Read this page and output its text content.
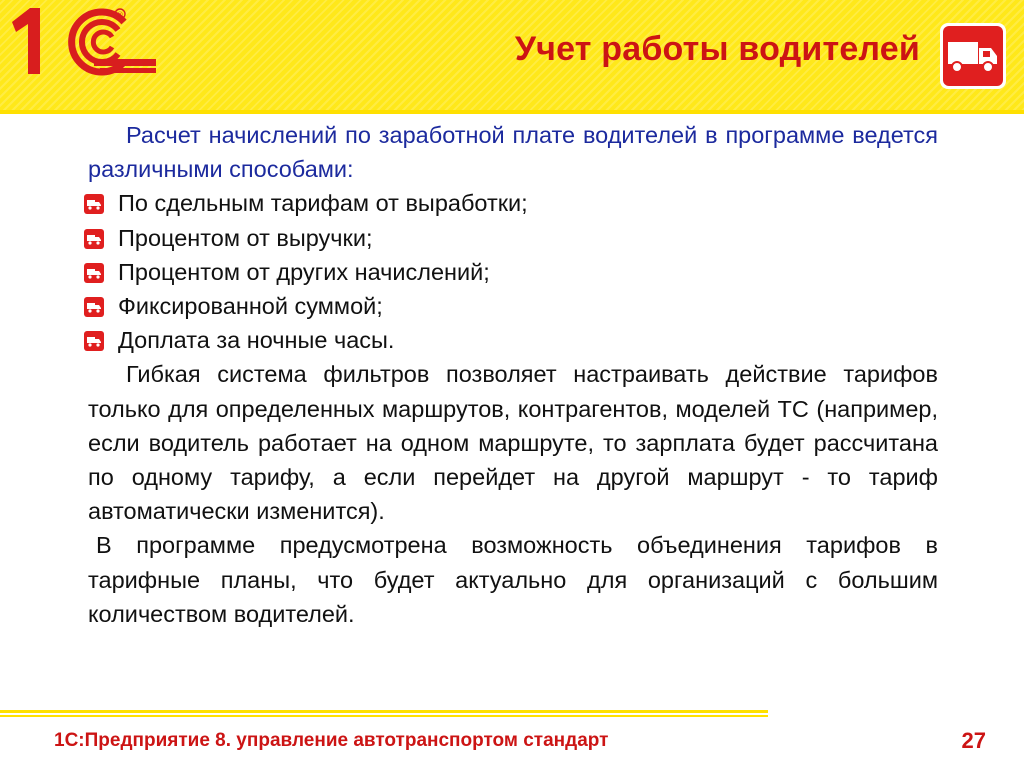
®
Учет работы водителей

Расчет начислений по заработной плате водителей в программе ведется различными способами:

По сдельным тарифам от выработки;
Процентом от выручки;
Процентом от других начислений;
Фиксированной суммой;
Доплата за ночные часы.

Гибкая система фильтров позволяет настраивать действие тарифов только для определенных маршрутов, контрагентов, моделей ТС (например, если водитель работает на одном маршруте, то зарплата будет рассчитана по одному тарифу, а если перейдет на другой маршрут - то тариф автоматически изменится).

В программе предусмотрена возможность объединения тарифов в тарифные планы, что будет актуально для организаций с большим количеством водителей.

1С:Предприятие 8. управление автотранспортом стандарт	27
